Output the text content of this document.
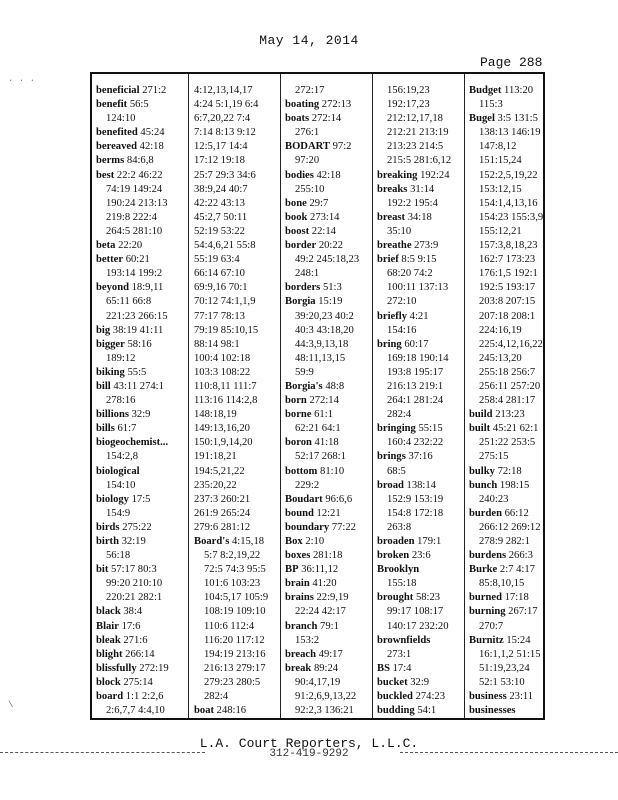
May 14, 2014
Page 288
. . .
\
beneficial 271:2
benefit 56:5
124:10
benefited 45:24
bereaved 42:18
berms 84:6,8
best 22:2 46:22
74:19 149:24
190:24 213:13
219:8 222:4
264:5 281:10
beta 22:20
better 60:21
193:14 199:2
beyond 18:9,11
65:11 66:8
221:23 266:15
big 38:19 41:11
bigger 58:16
189:12
biking 55:5
bill 43:11 274:1
278:16
billions 32:9
bills 61:7
biogeochemist...
154:2,8
biological
154:10
biology 17:5
154:9
birds 275:22
birth 32:19
56:18
bit 57:17 80:3
99:20 210:10
220:21 282:1
black 38:4
Blair 17:6
bleak 271:6
blight 266:14
blissfully 272:19
block 275:14
board 1:1 2:2,6
2:6,7,7 4:4,10
4:12,13,14,17
4:24 5:1,19 6:4
6:7,20,22 7:4
7:14 8:13 9:12
12:5,17 14:4
17:12 19:18
25:7 29:3 34:6
38:9,24 40:7
42:22 43:13
45:2,7 50:11
52:19 53:22
54:4,6,21 55:8
55:19 63:4
66:14 67:10
69:9,16 70:1
70:12 74:1,1,9
77:17 78:13
79:19 85:10,15
88:14 98:1
100:4 102:18
103:3 108:22
110:8,11 111:7
113:16 114:2,8
148:18,19
149:13,16,20
150:1,9,14,20
191:18,21
194:5,21,22
235:20,22
237:3 260:21
261:9 265:24
279:6 281:12
Board's 4:15,18
5:7 8:2,19,22
72:5 74:3 95:5
101:6 103:23
104:5,17 105:9
108:19 109:10
110:6 112:4
116:20 117:12
194:19 213:16
216:13 279:17
279:23 280:5
282:4
boat 248:16
272:17
boating 272:13
boats 272:14
276:1
BODART 97:2
97:20
bodies 42:18
255:10
bone 29:7
book 273:14
boost 22:14
border 20:22
49:2 245:18,23
248:1
borders 51:3
Borgia 15:19
39:20,23 40:2
40:3 43:18,20
44:3,9,13,18
48:11,13,15
59:9
Borgia's 48:8
born 272:14
borne 61:1
62:21 64:1
boron 41:18
52:17 268:1
bottom 81:10
229:2
Boudart 96:6,6
bound 12:21
boundary 77:22
Box 2:10
boxes 281:18
BP 36:11,12
brain 41:20
brains 22:9,19
22:24 42:17
branch 79:1
153:2
breach 49:17
break 89:24
90:4,17,19
91:2,6,9,13,22
92:2,3 136:21
156:19,23
192:17,23
212:12,17,18
212:21 213:19
213:23 214:5
215:5 281:6,12
breaking 192:24
breaks 31:14
192:2 195:4
breast 34:18
35:10
breathe 273:9
brief 8:5 9:15
68:20 74:2
100:11 137:13
272:10
briefly 4:21
154:16
bring 60:17
169:18 190:14
193:8 195:17
216:13 219:1
264:1 281:24
282:4
bringing 55:15
160:4 232:22
brings 37:16
68:5
broad 138:14
152:9 153:19
154:8 172:18
263:8
broaden 179:1
broken 23:6
Brooklyn
155:18
brought 58:23
99:17 108:17
140:17 232:20
brownfields
273:1
BS 17:4
bucket 32:9
buckled 274:23
budding 54:1
Budget 113:20
115:3
Bugel 3:5 131:5
138:13 146:19
147:8,12
151:15,24
152:2,5,19,22
153:12,15
154:1,4,13,16
154:23 155:3,9
155:12,21
157:3,8,18,23
162:7 173:23
176:1,5 192:1
192:5 193:17
203:8 207:15
207:18 208:1
224:16,19
225:4,12,16,22
245:13,20
255:18 256:7
256:11 257:20
258:4 281:17
build 213:23
built 45:21 62:1
251:22 253:5
275:15
bulky 72:18
bunch 198:15
240:23
burden 66:12
266:12 269:12
278:9 282:1
burdens 266:3
Burke 2:7 4:17
85:8,10,15
burned 17:18
burning 267:17
270:7
Burnitz 15:24
16:1,1,2 51:15
51:19,23,24
52:1 53:10
business 23:11
businesses
L.A. Court Reporters, L.L.C.
312-419-9292
